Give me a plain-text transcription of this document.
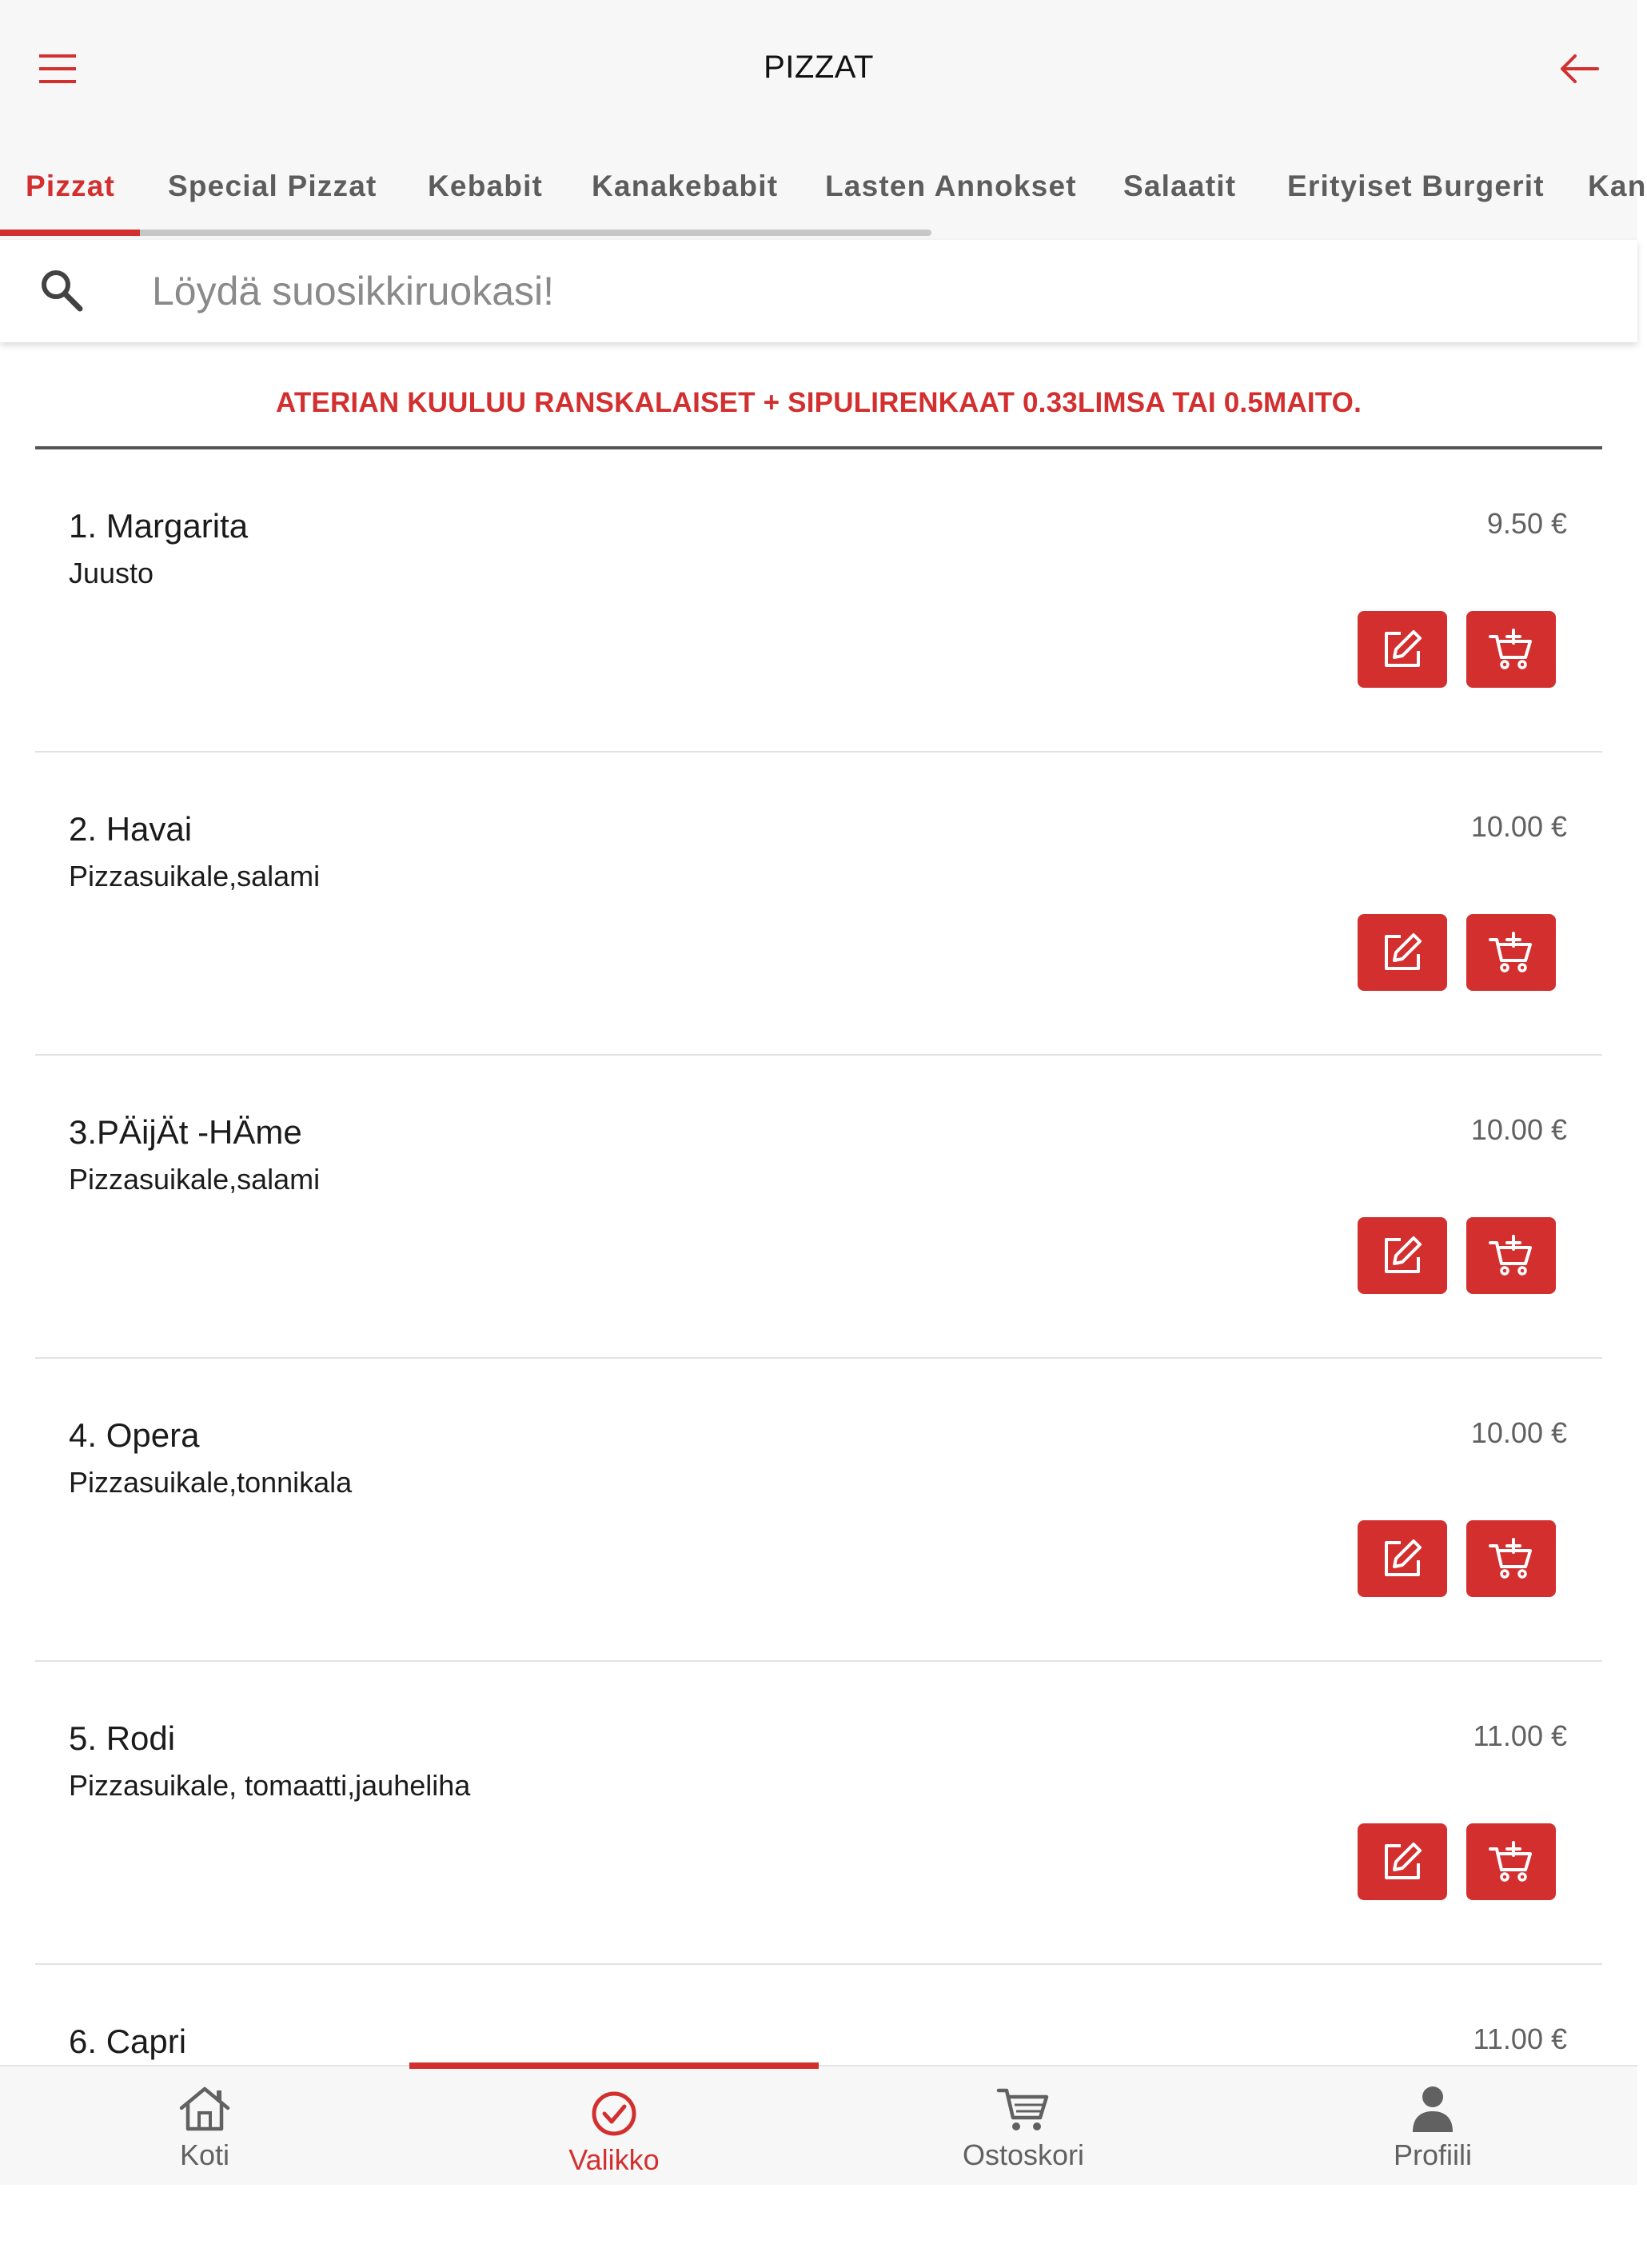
PIZZAT
Pizzat Special Pizzat Kebabit Kanakebabit Lasten Annokset Salaatit Erityiset Burgerit Kan
Löydä suosikkiruokasi!
ATERIAN KUULUU RANSKALAISET + SIPULIRENKAAT 0.33LIMSA TAI 0.5MAITO.
1. Margarita
Juusto
9.50 €
2. Havai
Pizzasuikale,salami
10.00 €
3.PÄijÄt -HÄme
Pizzasuikale,salami
10.00 €
4. Opera
Pizzasuikale,tonnikala
10.00 €
5. Rodi
Pizzasuikale, tomaatti,jauheliha
11.00 €
6. Capri	11.00 €
Koti	Valikko	Ostoskori	Profiili
